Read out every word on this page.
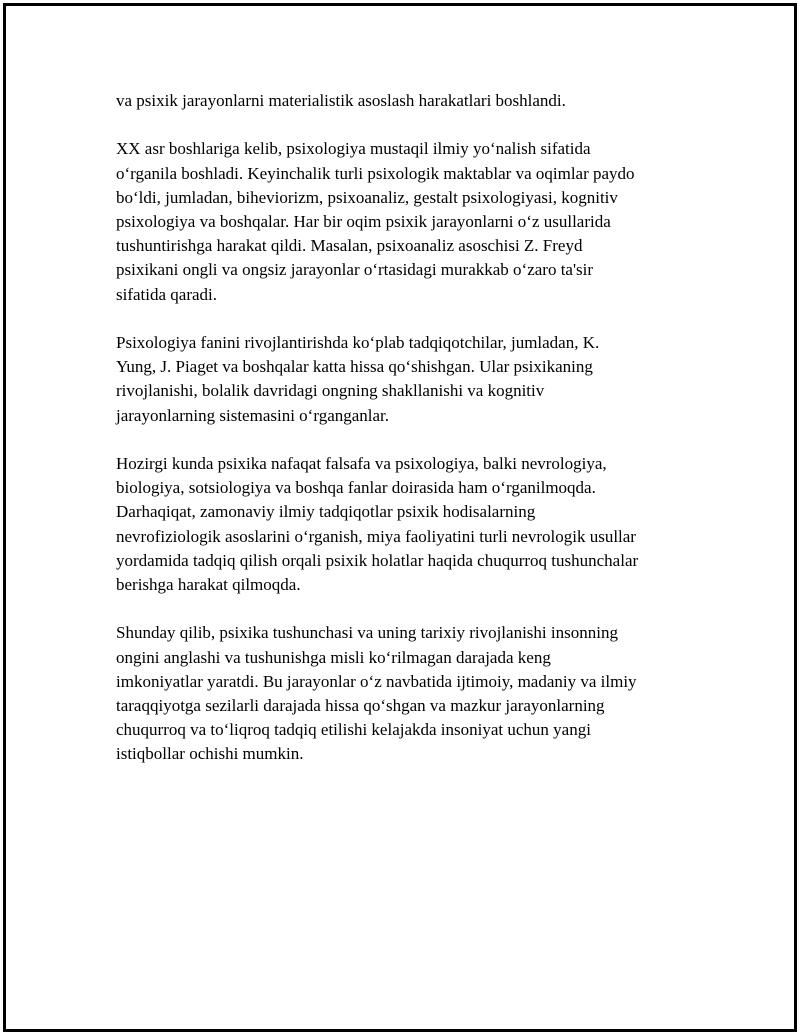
va psixik jarayonlarni materialistik asoslash harakatlari boshlandi.

XX asr boshlariga kelib, psixologiya mustaqil ilmiy yo‘nalish sifatida
o‘rganila boshladi. Keyinchalik turli psixologik maktablar va oqimlar paydo
bo‘ldi, jumladan, biheviorizm, psixoanaliz, gestalt psixologiyasi, kognitiv
psixologiya va boshqalar. Har bir oqim psixik jarayonlarni o‘z usullarida
tushuntirishga harakat qildi. Masalan, psixoanaliz asoschisi Z. Freyd
psixikani ongli va ongsiz jarayonlar o‘rtasidagi murakkab o‘zaro ta'sir
sifatida qaradi.

Psixologiya fanini rivojlantirishda ko‘plab tadqiqotchilar, jumladan, K.
Yung, J. Piaget va boshqalar katta hissa qo‘shishgan. Ular psixikaning
rivojlanishi, bolalik davridagi ongning shakllanishi va kognitiv
jarayonlarning sistemasini o‘rganganlar.

Hozirgi kunda psixika nafaqat falsafa va psixologiya, balki nevrologiya,
biologiya, sotsiologiya va boshqa fanlar doirasida ham o‘rganilmoqda.
Darhaqiqat, zamonaviy ilmiy tadqiqotlar psixik hodisalarning
nevrofiziologik asoslarini o‘rganish, miya faoliyatini turli nevrologik usullar
yordamida tadqiq qilish orqali psixik holatlar haqida chuqurroq tushunchalar
berishga harakat qilmoqda.

Shunday qilib, psixika tushunchasi va uning tarixiy rivojlanishi insonning
ongini anglashi va tushunishga misli ko‘rilmagan darajada keng
imkoniyatlar yaratdi. Bu jarayonlar o‘z navbatida ijtimoiy, madaniy va ilmiy
taraqqiyotga sezilarli darajada hissa qo‘shgan va mazkur jarayonlarning
chuqurroq va to‘liqroq tadqiq etilishi kelajakda insoniyat uchun yangi
istiqbollar ochishi mumkin.
